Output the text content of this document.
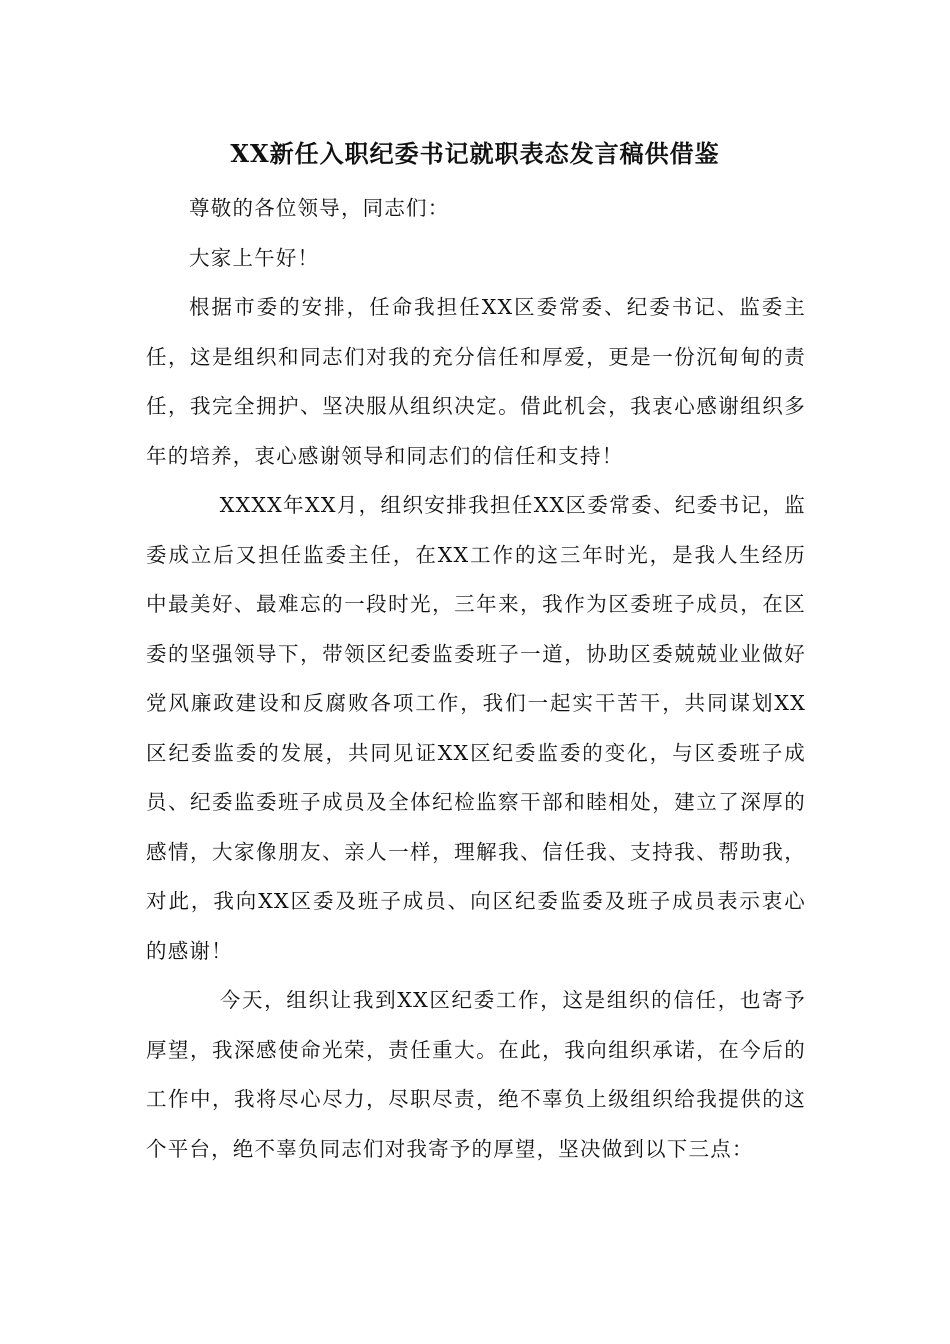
XX新任入职纪委书记就职表态发言稿供借鉴

尊敬的各位领导，同志们：

大家上午好！

根据市委的安排，任命我担任XX区委常委、纪委书记、监委主任，这是组织和同志们对我的充分信任和厚爱，更是一份沉甸甸的责任，我完全拥护、坚决服从组织决定。借此机会，我衷心感谢组织多年的培养，衷心感谢领导和同志们的信任和支持！

XXXX年XX月，组织安排我担任XX区委常委、纪委书记，监委成立后又担任监委主任，在XX工作的这三年时光，是我人生经历中最美好、最难忘的一段时光，三年来，我作为区委班子成员，在区委的坚强领导下，带领区纪委监委班子一道，协助区委兢兢业业做好党风廉政建设和反腐败各项工作，我们一起实干苦干，共同谋划XX区纪委监委的发展，共同见证XX区纪委监委的变化，与区委班子成员、纪委监委班子成员及全体纪检监察干部和睦相处，建立了深厚的感情，大家像朋友、亲人一样，理解我、信任我、支持我、帮助我，对此，我向XX区委及班子成员、向区纪委监委及班子成员表示衷心的感谢！

今天，组织让我到XX区纪委工作，这是组织的信任，也寄予厚望，我深感使命光荣，责任重大。在此，我向组织承诺，在今后的工作中，我将尽心尽力，尽职尽责，绝不辜负上级组织给我提供的这个平台，绝不辜负同志们对我寄予的厚望，坚决做到以下三点：
